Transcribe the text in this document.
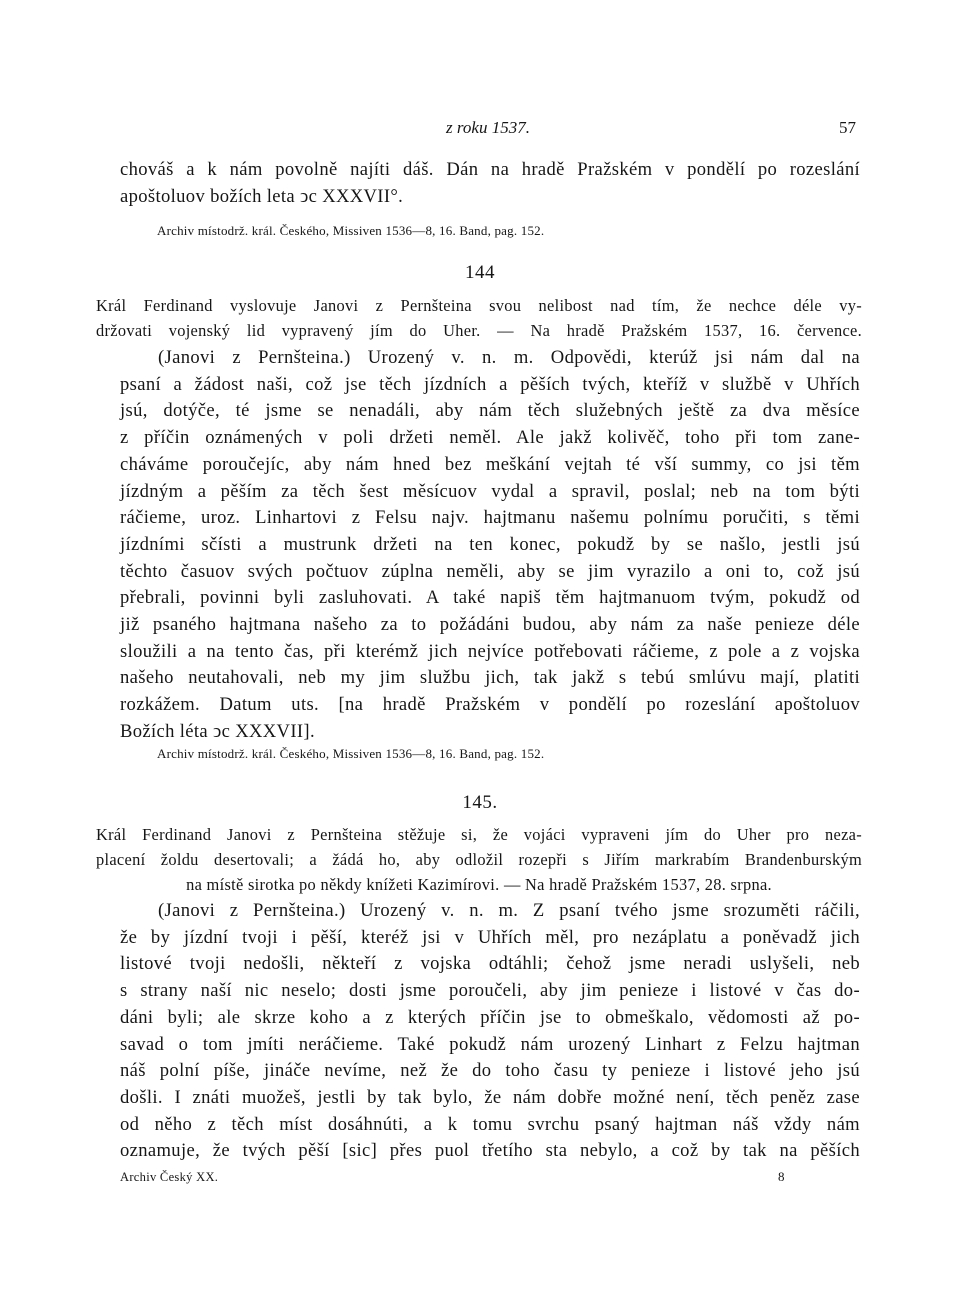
z roku 1537.	57
chováš a k nám povolně najíti dáš. Dán na hradě Pražském v pondělí po rozeslání
apoštoluov božích leta ↄc XXXVII°.
Archiv místodrž. král. Českého, Missiven 1536—8, 16. Band, pag. 152.
144
Král Ferdinand vyslovuje Janovi z Pernšteina svou nelibost nad tím, že nechce déle vy-
držovati vojenský lid vypravený jím do Uher. — Na hradě Pražském 1537, 16. července.
(Janovi z Pernšteina.) Urozený v. n. m. Odpovědi, kterúž jsi nám dal na
psaní a žádost naši, což jse těch jízdních a pěších tvých, kteříž v službě v Uhřích
jsú, dotýče, té jsme se nenadáli, aby nám těch služebných ještě za dva měsíce
z příčin oznámených v poli držeti neměl. Ale jakž kolivěč, toho při tom zane-
cháváme poroučejíc, aby nám hned bez meškání vejtah té vší summy, co jsi těm
jízdným a pěším za těch šest měsícuov vydal a spravil, poslal; neb na tom býti
ráčieme, uroz. Linhartovi z Felsu najv. hajtmanu našemu polnímu poručiti, s těmi
jízdními sčísti a mustrunk držeti na ten konec, pokudž by se našlo, jestli jsú
těchto časuov svých počtuov zúplna neměli, aby se jim vyrazilo a oni to, což jsú
přebrali, povinni byli zasluhovati. A také napiš těm hajtmanuom tvým, pokudž od
již psaného hajtmana našeho za to požádáni budou, aby nám za naše penieze déle
sloužili a na tento čas, při kterémž jich nejvíce potřebovati ráčieme, z pole a z vojska
našeho neutahovali, neb my jim službu jich, tak jakž s tebú smlúvu mají, platiti
rozkážem. Datum uts. [na hradě Pražském v pondělí po rozeslání apoštoluov
Božích léta ↄc XXXVII].
Archiv místodrž. král. Českého, Missiven 1536—8, 16. Band, pag. 152.
145.
Král Ferdinand Janovi z Pernšteina stěžuje si, že vojáci vypraveni jím do Uher pro neza-
placení žoldu desertovali; a žádá ho, aby odložil rozepři s Jiřím markrabím Brandenburským
na místě sirotka po někdy knížeti Kazimírovi. — Na hradě Pražském 1537, 28. srpna.
(Janovi z Pernšteina.) Urozený v. n. m. Z psaní tvého jsme srozuměti ráčili,
že by jízdní tvoji i pěší, kteréž jsi v Uhřích měl, pro nezáplatu a poněvadž jich
listové tvoji nedošli, někteří z vojska odtáhli; čehož jsme neradi uslyšeli, neb
s strany naší nic neselo; dosti jsme poroučeli, aby jim penieze i listové v čas do-
dáni byli; ale skrze koho a z kterých příčin jse to obmeškalo, vědomosti až po-
savad o tom jmíti neráčieme. Také pokudž nám urozený Linhart z Felzu hajtman
náš polní píše, jináče nevíme, než že do toho času ty penieze i listové jeho jsú
došli. I znáti muožeš, jestli by tak bylo, že nám dobře možné není, těch peněz zase
od něho z těch míst dosáhnúti, a k tomu svrchu psaný hajtman náš vždy nám
oznamuje, že tvých pěší [sic] přes puol třetího sta nebylo, a což by tak na pěších
Archiv Český XX.	8
